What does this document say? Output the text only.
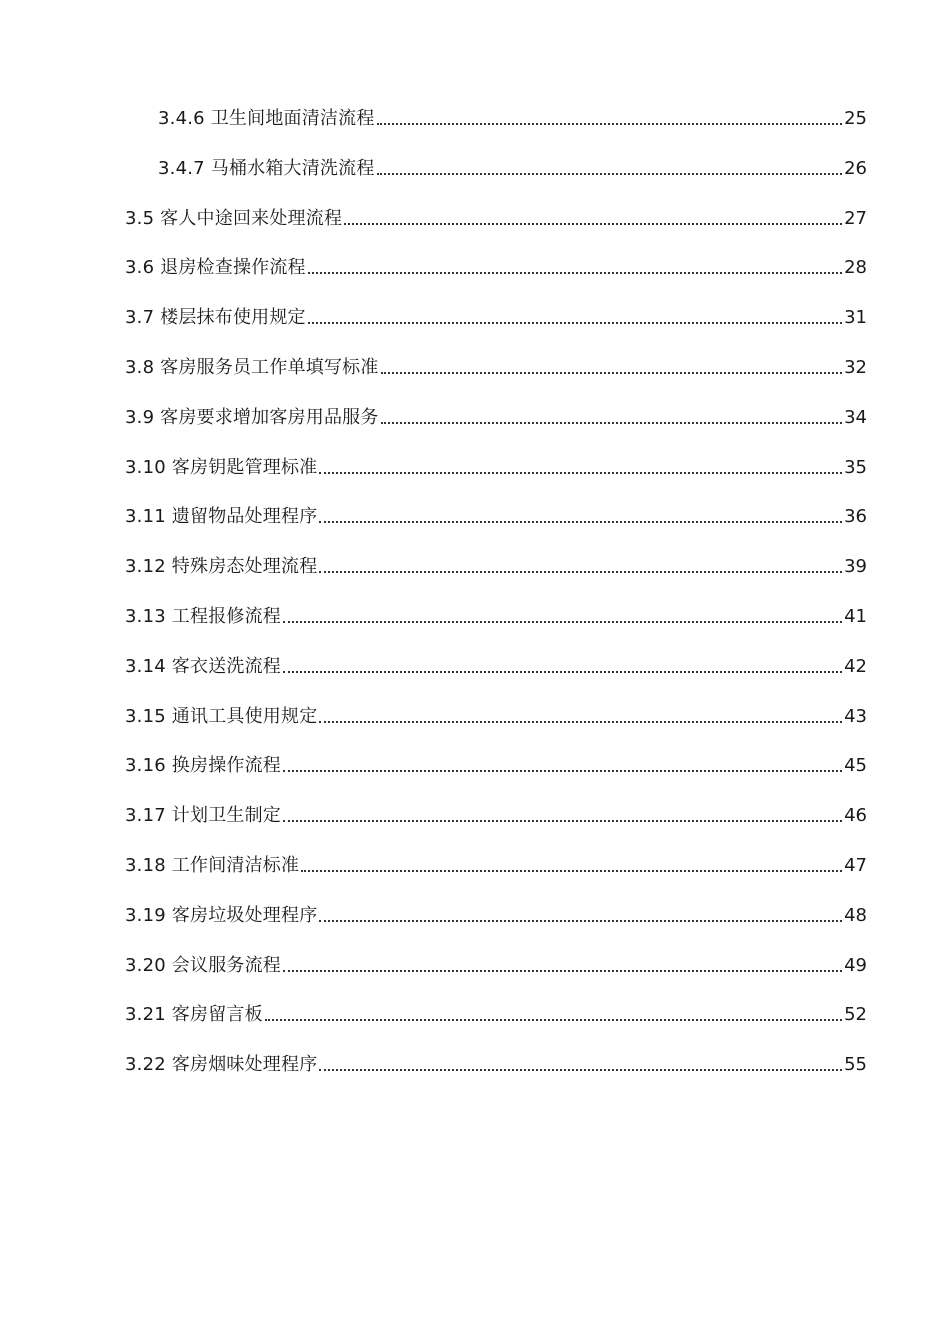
3.4.6 卫生间地面清洁流程	25
3.4.7 马桶水箱大清洗流程	26
3.5 客人中途回来处理流程	27
3.6 退房检查操作流程	28
3.7 楼层抹布使用规定	31
3.8 客房服务员工作单填写标准	32
3.9 客房要求增加客房用品服务	34
3.10 客房钥匙管理标准	35
3.11 遗留物品处理程序	36
3.12 特殊房态处理流程	39
3.13 工程报修流程	41
3.14 客衣送洗流程	42
3.15 通讯工具使用规定	43
3.16 换房操作流程	45
3.17 计划卫生制定	46
3.18 工作间清洁标准	47
3.19 客房垃圾处理程序	48
3.20 会议服务流程	49
3.21 客房留言板	52
3.22 客房烟味处理程序	55
